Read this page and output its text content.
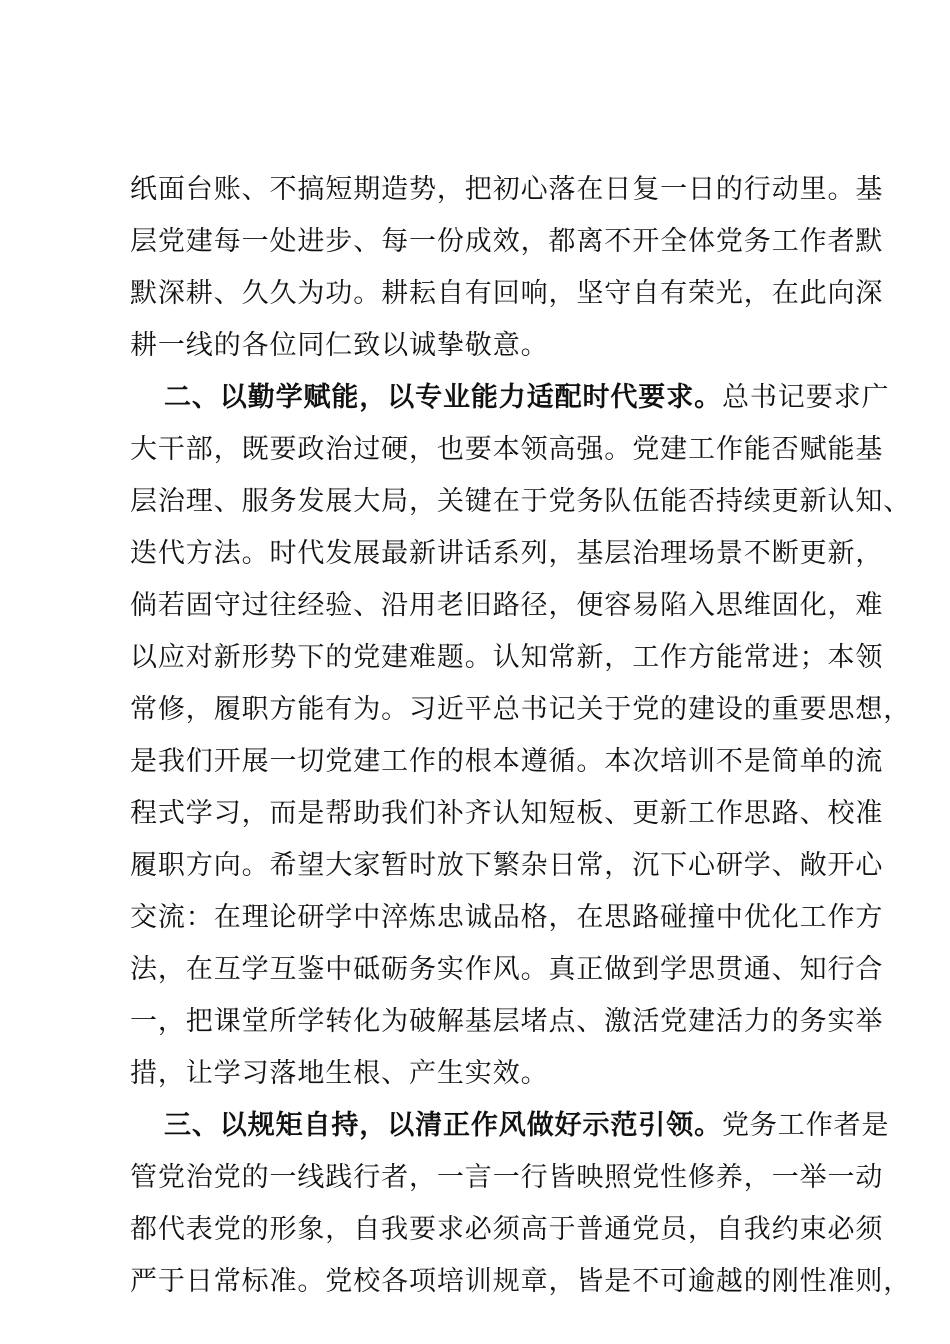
纸面台账、不搞短期造势，把初心落在日复一日的行动里。基
层党建每一处进步、每一份成效，都离不开全体党务工作者默
默深耕、久久为功。耕耘自有回响，坚守自有荣光，在此向深
耕一线的各位同仁致以诚挚敬意。
二、以勤学赋能，以专业能力适配时代要求。总书记要求广
大干部，既要政治过硬，也要本领高强。党建工作能否赋能基
层治理、服务发展大局，关键在于党务队伍能否持续更新认知、
迭代方法。时代发展最新讲话系列，基层治理场景不断更新，
倘若固守过往经验、沿用老旧路径，便容易陷入思维固化，难
以应对新形势下的党建难题。认知常新，工作方能常进；本领
常修，履职方能有为。习近平总书记关于党的建设的重要思想，
是我们开展一切党建工作的根本遵循。本次培训不是简单的流
程式学习，而是帮助我们补齐认知短板、更新工作思路、校准
履职方向。希望大家暂时放下繁杂日常，沉下心研学、敞开心
交流：在理论研学中淬炼忠诚品格，在思路碰撞中优化工作方
法，在互学互鉴中砥砺务实作风。真正做到学思贯通、知行合
一，把课堂所学转化为破解基层堵点、激活党建活力的务实举
措，让学习落地生根、产生实效。
三、以规矩自持，以清正作风做好示范引领。党务工作者是
管党治党的一线践行者，一言一行皆映照党性修养，一举一动
都代表党的形象，自我要求必须高于普通党员，自我约束必须
严于日常标准。党校各项培训规章，皆是不可逾越的刚性准则，
